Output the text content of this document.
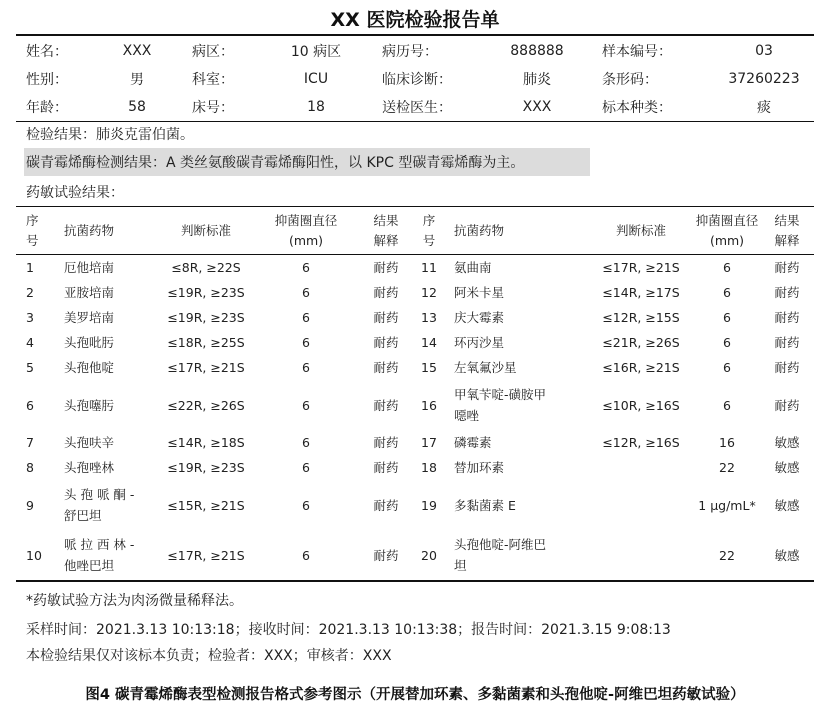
XX 医院检验报告单
姓名：	XXX	病区：	10 病区	病历号：	888888	样本编号：	03
性别：	男	科室：	ICU	临床诊断：	肺炎	条形码：	37260223
年龄：	58	床号：	18	送检医生：	XXX	标本种类：	痰
检验结果：肺炎克雷伯菌。
碳青霉烯酶检测结果：A 类丝氨酸碳青霉烯酶阳性，以 KPC 型碳青霉烯酶为主。
药敏试验结果：
序
号	抗菌药物	判断标准	抑菌圈直径
(mm)	结果
解释	序
号	抗菌药物	判断标准	抑菌圈直径
(mm)	结果
解释
1	厄他培南	≤8R, ≥22S	6	耐药	11	氨曲南	≤17R, ≥21S	6	耐药
2	亚胺培南	≤19R, ≥23S	6	耐药	12	阿米卡星	≤14R, ≥17S	6	耐药
3	美罗培南	≤19R, ≥23S	6	耐药	13	庆大霉素	≤12R, ≥15S	6	耐药
4	头孢吡肟	≤18R, ≥25S	6	耐药	14	环丙沙星	≤21R, ≥26S	6	耐药
5	头孢他啶	≤17R, ≥21S	6	耐药	15	左氧氟沙星	≤16R, ≥21S	6	耐药
6	头孢噻肟	≤22R, ≥26S	6	耐药	16	甲氧苄啶-磺胺甲
噁唑	≤10R, ≥16S	6	耐药
7	头孢呋辛	≤14R, ≥18S	6	耐药	17	磷霉素	≤12R, ≥16S	16	敏感
8	头孢唑林	≤19R, ≥23S	6	耐药	18	替加环素		22	敏感
9	头 孢 哌 酮 -
舒巴坦	≤15R, ≥21S	6	耐药	19	多黏菌素 E		1 μg/mL*	敏感
10	哌 拉 西 林 -
他唑巴坦	≤17R, ≥21S	6	耐药	20	头孢他啶-阿维巴
坦		22	敏感
*药敏试验方法为肉汤微量稀释法。
采样时间：2021.3.13 10:13:18；接收时间：2021.3.13 10:13:38；报告时间：2021.3.15 9:08:13
本检验结果仅对该标本负责；检验者：XXX；审核者：XXX
图4 碳青霉烯酶表型检测报告格式参考图示（开展替加环素、多黏菌素和头孢他啶-阿维巴坦药敏试验）
